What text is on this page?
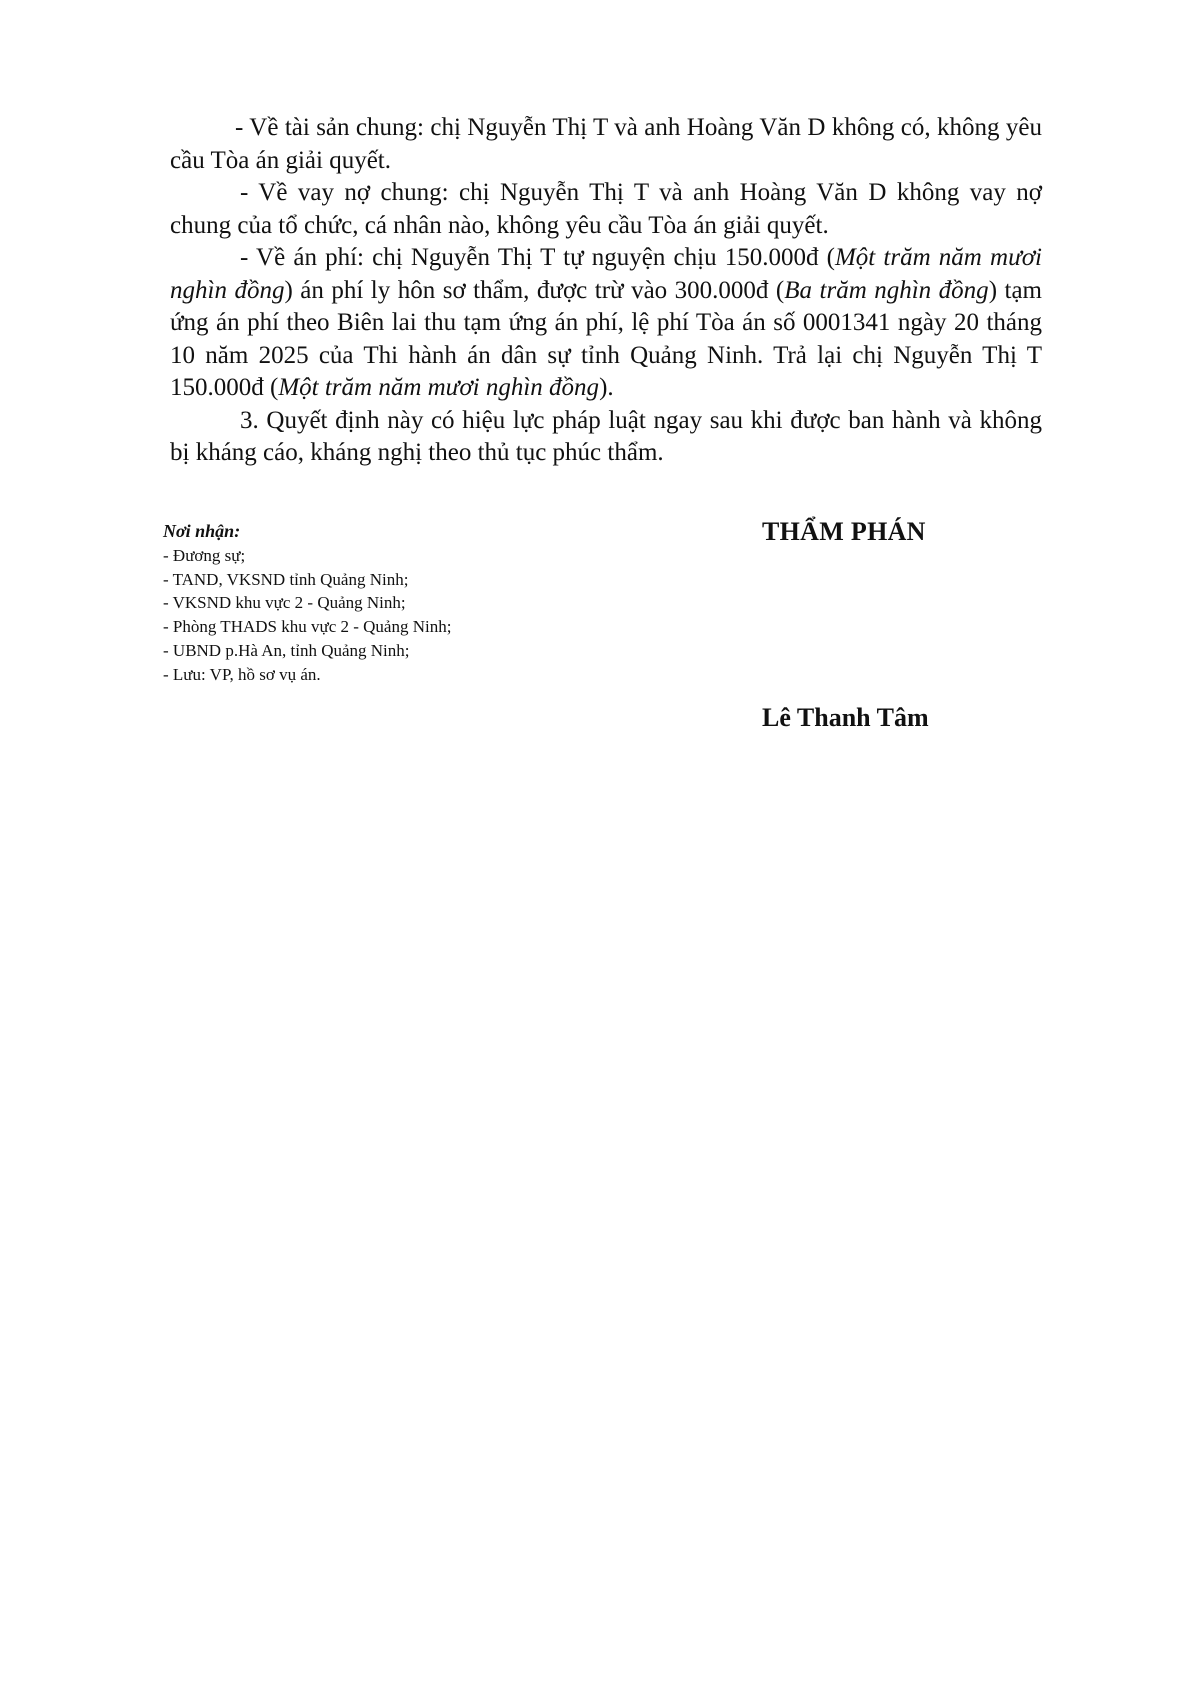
- Về tài sản chung: chị Nguyễn Thị T và anh Hoàng Văn D không có, không yêu cầu Tòa án giải quyết.

- Về vay nợ chung: chị Nguyễn Thị T và anh Hoàng Văn D không vay nợ chung của tổ chức, cá nhân nào, không yêu cầu Tòa án giải quyết.

- Về án phí: chị Nguyễn Thị T tự nguyện chịu 150.000đ (Một trăm năm mươi nghìn đồng) án phí ly hôn sơ thẩm, được trừ vào 300.000đ (Ba trăm nghìn đồng) tạm ứng án phí theo Biên lai thu tạm ứng án phí, lệ phí Tòa án số 0001341 ngày 20 tháng 10 năm 2025 của Thi hành án dân sự tỉnh Quảng Ninh. Trả lại chị Nguyễn Thị T 150.000đ (Một trăm năm mươi nghìn đồng).

3. Quyết định này có hiệu lực pháp luật ngay sau khi được ban hành và không bị kháng cáo, kháng nghị theo thủ tục phúc thẩm.

Nơi nhận:
- Đương sự;
- TAND, VKSND tỉnh Quảng Ninh;
- VKSND khu vực 2 - Quảng Ninh;
- Phòng THADS khu vực 2 - Quảng Ninh;
- UBND p.Hà An, tỉnh Quảng Ninh;
- Lưu: VP, hồ sơ vụ án.
THẨM PHÁN
Lê Thanh Tâm
